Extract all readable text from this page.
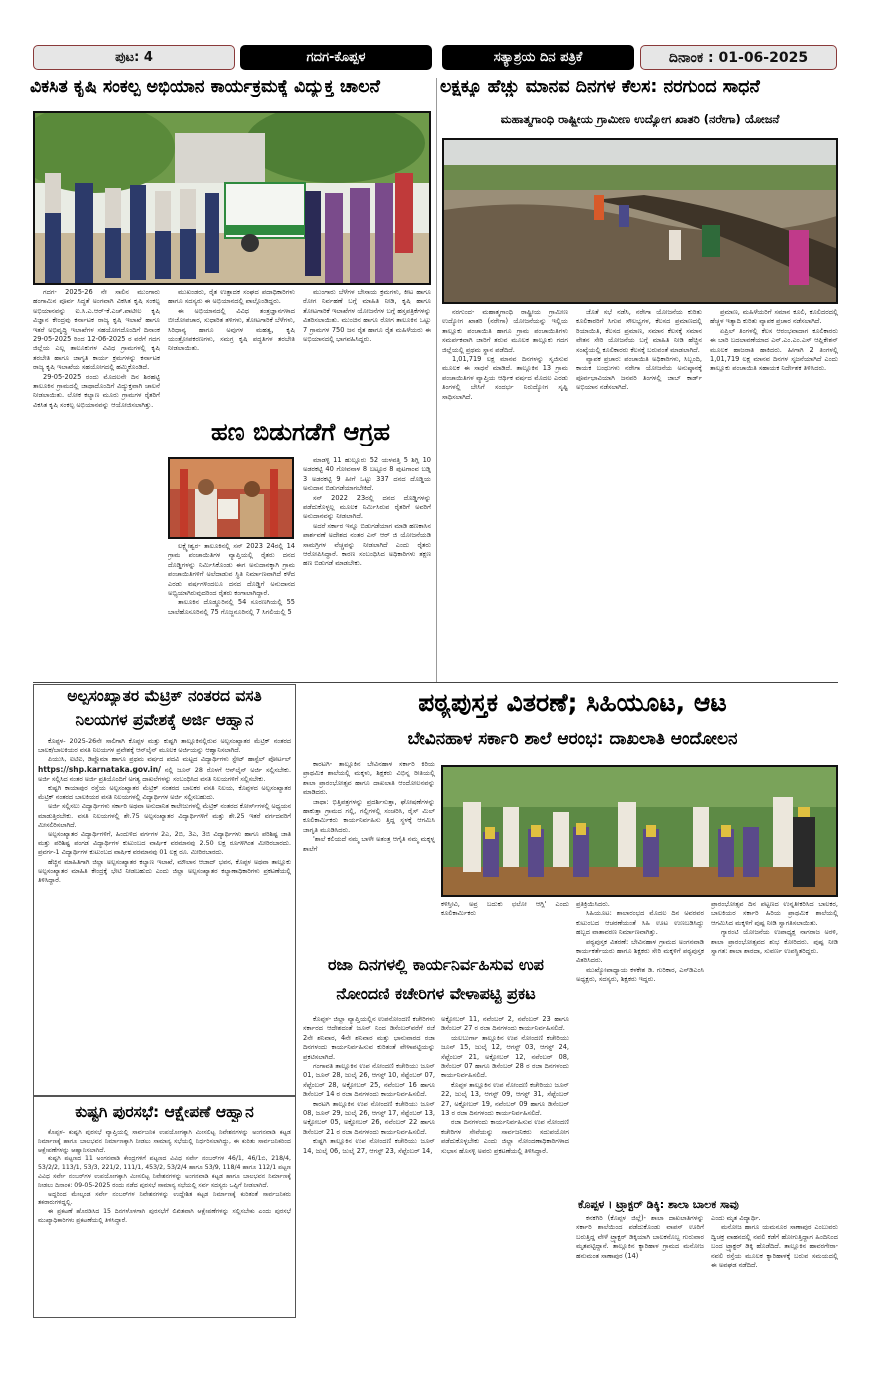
ಪುಟ: 4	ಗದಗ-ಕೊಪ್ಪಳ	ಸತ್ಯಾಶ್ರಯ ದಿನ ಪತ್ರಿಕೆ	ದಿನಾಂಕ : 01-06-2025
ವಿಕಸಿತ ಕೃಷಿ ಸಂಕಲ್ಪ ಅಭಿಯಾನ ಕಾರ್ಯಕ್ರಮಕ್ಕೆ ವಿದ್ಯುಕ್ತ ಚಾಲನೆ

ಗದಗ- 2025-26 ನೇ ಸಾಲಿನ ಮುಂಗಾರು ಹಂಗಾಮಿನ ಪೂರ್ವ ಸಿದ್ಧತೆ ಅಂಗವಾಗಿ ವಿಕಸಿತ ಕೃಷಿ ಸಂಕಲ್ಪ ಅಭಿಯಾನವನ್ನು ಐ.ಸಿ.ಎ.ಆರ್-ಕೆ.ಎಚ್.ಪಾಟೀಲ ಕೃಷಿ ವಿಜ್ಞಾನ ಕೇಂದ್ರವು ಕರ್ನಾಟಕ ರಾಜ್ಯ ಕೃಷಿ ಇಲಾಖೆ ಹಾಗೂ ಇತರೆ ಅಭಿವೃದ್ಧಿ ಇಲಾಖೆಗಳ ಸಹಯೋಗದೊಂದಿಗೆ ದಿನಾಂಕ 29-05-2025 ರಿಂದ 12-06-2025 ರ ವರೆಗೆ ಗದಗ ಜಿಲ್ಲೆಯ ಎಲ್ಲ ತಾಲೂಕುಗಳ ವಿವಿಧ ಗ್ರಾಮಗಳಲ್ಲಿ ಕೃಷಿ ತರಬೇತಿ ಹಾಗೂ ಜಾಗೃತಿ ಕಾರ್ಯ ಕ್ರಮಗಳನ್ನು ಕರ್ನಾಟಕ ರಾಜ್ಯ ಕೃಷಿ ಇಲಾಖೆಯ ಸಹಯೋಗದಲ್ಲಿ ಹಮ್ಮಿಕೊಂಡಿದೆ.

29-05-2025 ರಂದು ಮೊದಲನೇ ದಿನ ಶಿರಹಟ್ಟಿ ತಾಲೂಕಿನ ಗ್ರಾಮದಲ್ಲಿ ಜಾಥಾದೊಂದಿಗೆ ವಿದ್ಯುಕ್ತವಾಗಿ ಚಾಲನೆ ನೀಡಲಾಯಿತು. ಲೋಕ ಕಲ್ಯಾಣ ಮೂರು ಗ್ರಾಮಗಳ ರೈತರಿಗೆ ವಿಕಸಿತ ಕೃಷಿ ಸಂಕಲ್ಪ ಅಭಿಯಾನವನ್ನು ಆಯೋಜಿಸಲಾಗಿತ್ತು.

ಮುಖಂಡರು, ರೈತ ಉತ್ಪಾದಕ ಸಂಘದ ಪದಾಧಿಕಾರಿಗಳು ಹಾಗೂ ಸದಸ್ಯರು ಈ ಅಭಿಯಾನದಲ್ಲಿ ಪಾಲ್ಗೊಂಡಿದ್ದರು.

ಈ ಅಭಿಯಾನದಲ್ಲಿ ವಿವಿಧ ತಂತ್ರಜ್ಞಾನಗಳಾದ ಬೀಜೋಪಚಾರ, ಸುಧಾರಿತ ತಳಿಗಳು, ತೋಟಗಾರಿಕೆ ಬೆಳೆಗಳು, ಸಿರಿಧಾನ್ಯ ಹಾಗೂ ಅವುಗಳ ಮಹತ್ವ, ಕೃಷಿ ಯಂತ್ರೋಪಕರಣಗಳು, ಸಮಗ್ರ ಕೃಷಿ ಪದ್ಧತಿಗಳ ತರಬೇತಿ ನೀಡಲಾಯಿತು.

ಮುಂಗಾರು ಬೆಳೆಗಳ ಬೇಸಾಯ ಕ್ರಮಗಳು, ಕೀಟ ಹಾಗೂ ರೋಗ ನಿರ್ವಹಣೆ ಬಗ್ಗೆ ಮಾಹಿತಿ ನೀಡಿ, ಕೃಷಿ ಹಾಗೂ ತೋಟಗಾರಿಕೆ ಇಲಾಖೆಗಳ ಯೋಜನೆಗಳ ಬಗ್ಗೆ ಹಸ್ತಪತ್ರಿಕೆಗಳನ್ನು ವಿತರಿಸಲಾಯಿತು. ಮುಂಚಿನ ಹಾಗೂ ರೋಗ ತಾಲೂಕಿನ ಒಟ್ಟು 7 ಗ್ರಾಮಗಳ 750 ಜನ ರೈತ ಹಾಗೂ ರೈತ ಮಹಿಳೆಯರು ಈ ಅಭಿಯಾನದಲ್ಲಿ ಭಾಗವಹಿಸಿದ್ದರು.

ಹಣ ಬಿಡುಗಡೆಗೆ ಆಗ್ರಹ

ಲಕ್ಷ್ಮೇಶ್ವರ- ತಾಲೂಕಿನಲ್ಲಿ ಸನ್ 2023 24ರಲ್ಲಿ 14 ಗ್ರಾಮ ಪಂಚಾಯಿತಿಗಳ ವ್ಯಾಪ್ತಿಯಲ್ಲಿ ರೈತರು ದನದ ದೊಡ್ಡಿಗಳನ್ನು ನಿರ್ಮಿಸಿಕೊಂಡು ಈಗ ಅನುದಾನಕ್ಕಾಗಿ ಗ್ರಾಮ ಪಂಚಾಯಿತಿಗಳಿಗೆ ಅಲೆದಾಡುವ ಸ್ಥಿತಿ ನಿರ್ಮಾಣವಾಗಿದೆ ಕಳೆದ ಎರಡು ವರ್ಷಗಳಿಂದಲೂ ದನದ ದೊಡ್ಡಿಗೆ ಅನುದಾನದ ಅಭ್ಯಿಯಾಗಿರುವುದರಿಂದ ರೈತರು ಕಂಗಾಲಾಗಿದ್ದಾರೆ.

ತಾಲೂಕಿನ ದೊಡ್ಡೂರಿನಲ್ಲಿ 54 ಸೂರಣಗಿಯಲ್ಲಿ 55 ಬಾಲೆಹೊಸೂರಿನಲ್ಲಿ 75 ಗೊಜ್ಜನೂರಿನಲ್ಲಿ 7 ಸಿಗಲಿಯಲ್ಲಿ 5

ಮಾಡಳ್ಳಿ 11 ಹುಲ್ಲೂರು 52 ಯಳವತ್ತಿ 5 ಶಿಗ್ಲಿ 10 ಅಡರಕಟ್ಟಿ 40 ಗೋವನಾಳ 8 ಬಟ್ಟೂರ 8 ಪುಟಗಾಂವ ಬಡ್ನಿ 3 ಅಡರಕಟ್ಟಿ 9 ಹೀಗೆ ಒಟ್ಟು 337 ದನದ ದೊಡ್ಡಿಯ ಅನುದಾನ ಬಿಡುಗಡೆಯಾಗಬೇಕಿದೆ.

ಸನ್ 2022 23ರಲ್ಲಿ ದನದ ದೊಡ್ಡಿಗಳನ್ನು ಪಡೆದುಕೊಳ್ಳಲ್ಲ ಮೂಲಕ ನಿರ್ಮಿಸಿರುವ ರೈತರಿಗೆ ಅವರಿಗೆ ಅನುದಾನವನ್ನು ನೀಡಲಾಗಿದೆ.

ಅದರೆ ಸರ್ಕಾರ ಇನ್ನೂ ಬಿಡುಗಡೆಯಾಗ ಮಾಡಿ ಹಣಕಾಸಿನ ಪಾರ್ಶವಣೆ ಅದೇಶದ ನಂತರ ಎನ್ ಆರ್ ಜಿ ಯೋಜನೆಯಡಿ ಸಾಮಗ್ರಿಗಳ ವೆಚ್ಚವನ್ನು ನೀಡಲಾಗಿದೆ ಎಂದು ರೈತರು ಆರೋಪಿಸಿದ್ದಾರೆ. ಕಾರಣ ಸಂಬಂಧಿಸಿದ ಅಧಿಕಾರಿಗಳು ತಕ್ಷಣ ಹಣ ಬಿಡುಗಡೆ ಮಾಡಬೇಕು.

ಲಕ್ಷಕ್ಕೂ ಹೆಚ್ಚು ಮಾನವ ದಿನಗಳ ಕೆಲಸ: ನರಗುಂದ ಸಾಧನೆ
ಮಹಾತ್ಮಗಾಂಧಿ ರಾಷ್ಟ್ರೀಯ ಗ್ರಾಮೀಣ ಉದ್ಯೋಗ ಖಾತರಿ (ನರೇಗಾ) ಯೋಜನೆ

ನರಗುಂದ- ಮಹಾತ್ಮಗಾಂಧಿ ರಾಷ್ಟ್ರೀಯ ಗ್ರಾಮೀಣ ಉದ್ಯೋಗ ಖಾತರಿ (ನರೇಗಾ) ಯೋಜನೆಯನ್ನು ಇಲ್ಲಿಯ ತಾಲ್ಲೂಕು ಪಂಚಾಯಿತಿ ಹಾಗೂ ಗ್ರಾಮ ಪಂಚಾಯಿತಿಗಳು ಸಮರ್ಪಕವಾಗಿ ಜಾರಿಗೆ ತರುವ ಮೂಲಕ ತಾಲ್ಲೂಕು ಗದಗ ಜಿಲ್ಲೆಯಲ್ಲಿ ಪ್ರಥಮ ಸ್ಥಾನ ಪಡೆದಿದೆ.

1,01,719 ಲಕ್ಷ ಮಾನವ ದಿನಗಳನ್ನು ಸೃಜಿಸುವ ಮೂಲಕ ಈ ಸಾಧನೆ ಮಾಡಿದೆ. ತಾಲ್ಲೂಕಿನ 13 ಗ್ರಾಮ ಪಂಚಾಯಿತಿಗಳ ವ್ಯಾಪ್ತಿಯ ಆರ್ಥಿಕ ವರ್ಷದ ಮೊದಲ ಎರಡು ತಿಂಗಳಲ್ಲಿ ಬೇಸಿಗೆ ಸಂದರ್ಭ ನಿರುದ್ಯೋಗ ಸೃಷ್ಟಿ ಸಾಧಿಸಲಾಗಿದೆ.

ಜೊತೆ ಸಭೆ ನಡೆಸಿ, ನರೇಗಾ ಯೋಜನೆಯ ಕುರಿತು ಕೂಲಿಕಾರರಿಗೆ ಸಿಗುವ ಸೌಲಭ್ಯಗಳ, ಕೆಲಸದ ಪ್ರಮಾಣದಲ್ಲಿ ರಿಯಾಯಿತಿ, ಕೆಲಸದ ಪ್ರಮಾಣ, ಸಮಾನ ಕೆಲಸಕ್ಕೆ ಸಮಾನ ವೇತನ ಸೇರಿ ಯೋಜನೆಯ ಬಗ್ಗೆ ಮಾಹಿತಿ ನೀಡಿ ಹೆಚ್ಚಿನ ಸಂಖ್ಯೆಯಲ್ಲಿ ಕೂಲಿಕಾರರು ಕೆಲಸಕ್ಕೆ ಬರುವಂತೆ ಮಾಡಲಾಗಿದೆ.

ವ್ಯಾಪಕ ಪ್ರಚಾರ: ಪಂಚಾಯಿತಿ ಅಧಿಕಾರಿಗಳು, ಸಿಬ್ಬಂದಿ, ಕಾಯಕ ಬಂಧುಗಳು ನರೇಗಾ ಯೋಜನೆಯ ಅನುಷ್ಠಾನಕ್ಕೆ ಪೂರ್ವಭಾವಿಯಾಗಿ ಜನವರಿ ತಿಂಗಳಲ್ಲಿ ಜಾಬ್ ಕಾರ್ಡ್ ಅಭಿಯಾನ ನಡೆಸಲಾಗಿದೆ.

ಪ್ರಮಾಣ, ಮಹಿಳೆಯರಿಗೆ ಸಮಾನ ಕೂಲಿ, ಕೂಲಿದರದಲ್ಲಿ ಹೆಚ್ಚಳ ಇತ್ಯಾದಿ ಕುರಿತು ವ್ಯಾಪಕ ಪ್ರಚಾರ ನಡೆಸಲಾಗಿದೆ.

ಏಪ್ರಿಲ್ ತಿಂಗಳಲ್ಲಿ ಕೆಲಸ ಆರಂಭವಾದಾಗ ಕೂಲಿಕಾರರು ಈ ಬಾರಿ ಬದಲಾವಣೆಯಾದ ಎನ್.ಎಂ.ಎಂ.ಎಸ್ ಆಪ್ಲಿಕೇಶನ್ ಮೂಲಕ ಹಾಜರಾತಿ ಹಾಕಿದರು. ಹೀಗಾಗಿ 2 ತಿಂಗಳಲ್ಲಿ 1,01,719 ಲಕ್ಷ ಮಾನವ ದಿನಗಳ ಸೃಜನೆಯಾಗಿದೆ ಎಂದು ತಾಲ್ಲೂಕು ಪಂಚಾಯಿತಿ ಸಹಾಯಕ ನಿರ್ದೇಶಕ ತಿಳಿಸಿದರು.

ಅಲ್ಪಸಂಖ್ಯಾತರ ಮೆಟ್ರಿಕ್ ನಂತರದ ವಸತಿ
ನಿಲಯಗಳ ಪ್ರವೇಶಕ್ಕೆ ಅರ್ಜಿ ಆಹ್ವಾನ

ಕೊಪ್ಪಳ- 2025-26ನೇ ಸಾಲಿಗಾಗಿ ಕೊಪ್ಪಳ ಮತ್ತು ಕುಷ್ಟಗಿ ತಾಲ್ಲೂಕಿನಲ್ಲಿರುವ ಅಲ್ಪಸಂಖ್ಯಾತರ ಮೆಟ್ರಿಕ್ ನಂತರದ ಬಾಲಕ/ಬಾಲಕಿಯರ ವಸತಿ ನಿಲಯಗಳ ಪ್ರವೇಶಕ್ಕೆ ಆನ್‌ಲೈನ್ ಮೂಲಕ ಅರ್ಜಿಯನ್ನು ಆಹ್ವಾನಿಸಲಾಗಿದೆ.

ಪಿಯುಸಿ, ಐಟಿಐ, ಡಿಪ್ಲೊಮಾ ಹಾಗೂ ಪ್ರಥಮ ವರ್ಷದ ಪದವಿ ಮಟ್ಟದ ವಿದ್ಯಾರ್ಥಿಗಳು ಸ್ಟೇಟ್ ಹಾಸ್ಟೆಲ್ ಪೋರ್ಟಲ್ https://shp.karnataka.gov.in/ ನಲ್ಲಿ ಜೂನ್ 28 ರೊಳಗೆ ಆನ್‌ಲೈನ್ ಅರ್ಜಿ ಸಲ್ಲಿಸಬೇಕು. ಅರ್ಜಿ ಸಲ್ಲಿಸಿದ ನಂತರ ಅರ್ಜಿ ಪ್ರತಿಯೊಂದಿಗೆ ಅಗತ್ಯ ದಾಖಲೆಗಳನ್ನು ಸಂಬಂಧಿಸಿದ ವಸತಿ ನಿಲಯಗಳಿಗೆ ಸಲ್ಲಿಸಬೇಕು.

ಕುಷ್ಟಗಿ ಕಾಯಾಪುರ ರಸ್ತೆಯ ಅಲ್ಪಸಂಖ್ಯಾತರ ಮೆಟ್ರಿಕ್ ನಂತರದ ಬಾಲಕರ ವಸತಿ ನಿಲಯ, ಕೊಪ್ಪಳದ ಅಲ್ಪಸಂಖ್ಯಾತರ ಮೆಟ್ರಿಕ್ ನಂತರದ ಬಾಲಕಿಯರ ವಸತಿ ನಿಲಯಗಳಲ್ಲಿ ವಿದ್ಯಾರ್ಥಿಗಳ ಅರ್ಜಿ ಸಲ್ಲಿಸಬಹುದು.

ಅರ್ಜಿ ಸಲ್ಲಿಸಲು ವಿದ್ಯಾರ್ಥಿಗಳು ಸರ್ಕಾರಿ ಅಥವಾ ಅನುದಾನಿತ ಕಾಲೇಜುಗಳಲ್ಲಿ ಮೆಟ್ರಿಕ್ ನಂತರದ ಕೋರ್ಸ್‌ಗಳಲ್ಲಿ ಅಧ್ಯಯನ ಮಾಡುತ್ತಿರಬೇಕು. ವಸತಿ ನಿಲಯಗಳಲ್ಲಿ ಶೇ.75 ಅಲ್ಪಸಂಖ್ಯಾತರ ವಿದ್ಯಾರ್ಥಿಗಳಿಗೆ ಮತ್ತು ಶೇ.25 ಇತರೆ ವರ್ಗದವರಿಗೆ ಮೀಸಲಿರಿಸಲಾಗಿದೆ.

ಅಲ್ಪಸಂಖ್ಯಾತರ ವಿದ್ಯಾರ್ಥಿಗಳಿಗೆ, ಹಿಂದುಳಿದ ವರ್ಗಗಳ 2ಎ, 2ಬಿ, 3ಎ, 3ಬಿ ವಿದ್ಯಾರ್ಥಿಗಳು ಹಾಗೂ ಪರಿಶಿಷ್ಟ ಜಾತಿ ಮತ್ತು ಪರಿಶಿಷ್ಟ ಪಂಗಡ ವಿದ್ಯಾರ್ಥಿಗಳ ಕುಟುಂಬದ ವಾರ್ಷಿಕ ವರಮಾನವು 2.50 ಲಕ್ಷ ರೂಗಳಿಗಿಂತ ಮೀರಿರಬಾರದು. ಪ್ರವರ್ಗ-1 ವಿದ್ಯಾರ್ಥಿಗಳ ಕುಟುಂಬದ ವಾರ್ಷಿಕ ವರಮಾನವು 01 ಲಕ್ಷ ರೂ. ಮೀರಿರಬಾರದು.

ಹೆಚ್ಚಿನ ಮಾಹಿತಿಗಾಗಿ ಜಿಲ್ಲಾ ಅಲ್ಪಸಂಖ್ಯಾತರ ಕಲ್ಯಾಣ ಇಲಾಖೆ, ಮೌಲಾನ ಆಜಾದ್ ಭವನ, ಕೊಪ್ಪಳ ಅಥವಾ ತಾಲ್ಲೂಕು ಅಲ್ಪಸಂಖ್ಯಾತರ ಮಾಹಿತಿ ಕೇಂದ್ರಕ್ಕೆ ಭೇಟಿ ನೀಡಬಹುದು ಎಂದು ಜಿಲ್ಲಾ ಅಲ್ಪಸಂಖ್ಯಾತರ ಕಲ್ಯಾಣಾಧಿಕಾರಿಗಳು ಪ್ರಕಟಣೆಯಲ್ಲಿ ತಿಳಿಸಿದ್ದಾರೆ.

ಕುಷ್ಟಗಿ ಪುರಸಭೆ: ಆಕ್ಷೇಪಣೆ ಆಹ್ವಾನ

ಕೊಪ್ಪಳ- ಕುಷ್ಟಗಿ ಪುರಸಭೆ ವ್ಯಾಪ್ತಿಯಲ್ಲಿ ಸಾರ್ವಜನಿಕ ಉಪಯೋಗಕ್ಕಾಗಿ ಮೀಸಲಿಟ್ಟ ನಿವೇಶನಗಳನ್ನು ಅಂಗನವಾಡಿ ಕಟ್ಟಡ ನಿರ್ಮಾಣಕ್ಕೆ ಹಾಗೂ ಬಾಲಭವನ ನಿರ್ಮಾಣಕ್ಕಾಗಿ ನೀಡಲು ಸಾಮಾನ್ಯ ಸಭೆಯಲ್ಲಿ ನಿರ್ಧರಿಸಲಾಗಿದ್ದು, ಈ ಕುರಿತು ಸಾರ್ವಜನಿಕರಿಂದ ಆಕ್ಷೇಪಣೆಗಳನ್ನು ಆಹ್ವಾನಿಸಲಾಗಿದೆ.

ಕುಷ್ಟಗಿ ಪಟ್ಟಣದ 11 ಅಂಗನವಾಡಿ ಕೇಂದ್ರಗಳಿಗೆ ಪಟ್ಟಣದ ವಿವಿಧ ಸರ್ವೇ ನಂಬರ್‌ಗಳ 46/1, 46/1ಬಿ, 218/4, 53/2/2, 113/1, 53/3, 221/2, 111/1, 453/2, 53/2/4 ಹಾಗೂ 53/9, 118/4 ಹಾಗೂ 112/1 ಪಟ್ಟಣ ವಿವಿಧ ಸರ್ವೇ ನಂಬರ್‌ಗಳ ಉಪಯೋಗಕ್ಕಾಗಿ ಮೀಸಲಿಟ್ಟ ನಿವೇಶನಗಳನ್ನು ಅಂಗನವಾಡಿ ಕಟ್ಟಡ ಹಾಗೂ ಬಾಲಭವನ ನಿರ್ಮಾಣಕ್ಕೆ ನೀಡಲು ದಿನಾಂಕ: 09-05-2025 ರಂದು ನಡೆದ ಪುರಸಭೆ ಸಾಮಾನ್ಯ ಸಭೆಯಲ್ಲಿ ಸರ್ವ ಸದಸ್ಯರು ಒಪ್ಪಿಗೆ ನೀಡಲಾಗಿದೆ.

ಅದ್ದರಿಂದ ಮೇಲ್ಕಂಡ ಸರ್ವೇ ನಂಬರ್‌ಗಳ ನಿವೇಶನಗಳನ್ನು ಉದ್ದೇಶಿತ ಕಟ್ಟಡ ನಿರ್ಮಾಣಕ್ಕೆ ಕುರಿತಂತೆ ಸಾರ್ವಜನಿಕರು ತಕರಾರುಗಳಿದ್ದಲ್ಲಿ.

ಈ ಪ್ರಕಟಣೆ ಹೊರಡಿಸಿದ 15 ದಿನಗಳೊಳಗಾಗಿ ಪುರಸಭೆಗೆ ಲಿಖಿತವಾಗಿ ಆಕ್ಷೇಪಣೆಗಳನ್ನು ಸಲ್ಲಿಸಬೇಕು ಎಂದು ಪುರಸಭೆ ಮುಖ್ಯಾಧಿಕಾರಿಗಳು ಪ್ರಕಟಣೆಯಲ್ಲಿ ತಿಳಿಸಿದ್ದಾರೆ.

ಪಠ್ಯಪುಸ್ತಕ ವಿತರಣೆ; ಸಿಹಿಯೂಟ, ಆಟ
ಬೇವಿನಹಾಳ ಸರ್ಕಾರಿ ಶಾಲೆ ಆರಂಭ: ದಾಖಲಾತಿ ಆಂದೋಲನ

ಕಾರಟಗಿ- ತಾಲ್ಲೂಕಿನ ಬೇವಿನಹಾಳ ಸರ್ಕಾರಿ ಕಿರಿಯ ಪ್ರಾಥಮಿಕ ಶಾಲೆಯಲ್ಲಿ ಮಕ್ಕಳು, ಶಿಕ್ಷಕರು ವಿಭಿನ್ನ ರೀತಿಯಲ್ಲಿ ಶಾಲಾ ಪ್ರಾರಂಭೋತ್ಸವ ಹಾಗೂ ದಾಖಲಾತಿ ಆಂದೋಲನವನ್ನು ಮಾಡಿದರು.

ಜಾಥಾ: ಭಿತ್ತಿಪತ್ರಗಳನ್ನು ಪ್ರದರ್ಶಿಸುತ್ತಾ, ಘೋಷಣೆಗಳನ್ನು ಹಾಕುತ್ತಾ ಗ್ರಾಮದ ಗಲ್ಲಿ, ಗಲ್ಲಿಗಳಲ್ಲಿ ಸಂಚರಿಸಿ, ರೈಸ್ ಮಿಲ್ ಕೂಲಿಕಾರ್ಮಿಕರು ಕಾರ್ಯನಿರ್ವಹಿಸು ತ್ತಿದ್ದ ಸ್ಥಳಕ್ಕೆ ಆಗಮಿಸಿ ಜಾಗೃತಿ ಮೂಡಿಸಿದರು.

'ಶಾಲೆ ಕಲಿಯದೆ ನಮ್ಮ ಬಾಳೇ ಅತಂತ್ರ ಆಗೈತಿ ನಮ್ಮ ಮಕ್ಕಳ್ನ ಶಾಲೆಗೆ

ಕಳಿಸ್ತೀವಿ, ಅವ್ರ ಬದುಕು ಛಲೋ ಆಗ್ಲಿ' ಎಂದು ಕೂಲಿಕಾರ್ಮಿಕರು

ಪ್ರತಿಕ್ರಿಯಿಸಿದರು.

ಸಿಹಿಯೂಟ: ಶಾಲಾರಂಭದ ಮೊದಲ ದಿನ ಅವರವರ ಕುಟುಂಬದ ಆಚರಣೆಯಂತೆ ಸಿಹಿ ಊಟ ಉಣಬಡಿಸಿದ್ದು ಹಬ್ಬದ ವಾತಾವರಣ ನಿರ್ಮಾಣವಾಗಿತ್ತು.

ಪಠ್ಯಪುಸ್ತಕ ವಿತರಣೆ: ಬೇವಿನಹಾಳ ಗ್ರಾಮದ ಅಂಗನವಾಡಿ ಕಾರ್ಯಕರ್ತೆಯರು ಹಾಗೂ ಶಿಕ್ಷಕರು ಸೇರಿ ಮಕ್ಕಳಿಗೆ ಪಠ್ಯಪುಸ್ತಕ ವಿತರಿಸಿದರು.

ಮುಖ್ಯೋಪಾಧ್ಯಾಯ ಕಳಕೇಶ ಡಿ. ಗುರಿಕಾರ, ಎಸ್‌ಡಿಎಂಸಿ ಅಧ್ಯಕ್ಷರು, ಸದಸ್ಯರು, ಶಿಕ್ಷಕರು ಇದ್ದರು.

ಪ್ರಾರಂಭೋತ್ಸವ ದಿನ ಪಟ್ಟಣದ ಉನ್ನತೀಕರಿಸಿದ ಬಾಲಕರ, ಬಾಲಕಿಯರ ಸರ್ಕಾರಿ ಹಿರಿಯ ಪ್ರಾಥಮಿಕ ಶಾಲೆಯಲ್ಲಿ ಆಗಮಿಸಿದ ಮಕ್ಕಳಿಗೆ ಪುಷ್ಪ ನೀಡಿ ಸ್ವಾಗತಿಸಲಾಯಿತು.

ಗ್ಯಾರಂಟಿ ಯೋಜನೆಯ ಉಪಾಧ್ಯಕ್ಷ ನಾಗರಾಜ ಅರಳಿ, ಶಾಲಾ ಪ್ರಾರಂಭೋತ್ಸವದ ಶುಭ ಕೋರಿದರು. ಪುಷ್ಪ ನೀಡಿ ಸ್ವಾಗತ: ಶಾಲಾ ಶಾರದಾ, ಸುವರ್ಣ ಉಪಸ್ಥಿತರಿದ್ದರು.

ರಜಾ ದಿನಗಳಲ್ಲಿ ಕಾರ್ಯನಿರ್ವಹಿಸುವ ಉಪ
ನೋಂದಣಿ ಕಚೇರಿಗಳ ವೇಳಾಪಟ್ಟಿ ಪ್ರಕಟ

ಕೊಪ್ಪಳ- ಜಿಲ್ಲಾ ವ್ಯಾಪ್ತಿಯಲ್ಲಿನ ಉಪನೋಂದಣಿ ಕಚೇರಿಗಳು ಸರ್ಕಾರದ ಆದೇಶದಂತೆ ಜೂನ್ ನಿಂದ ಡಿಸೆಂಬರ್‌ವರೆಗೆ ರಜೆ 2ನೇ ಶನಿವಾರ, 4ನೇ ಶನಿವಾರ ಮತ್ತು ಭಾನುವಾರದ ರಜಾ ದಿನಗಳಂದು ಕಾರ್ಯನಿರ್ವಹಿಸುವ ಕುರಿತಂತೆ ವೇಳಾಪಟ್ಟಿಯನ್ನು ಪ್ರಕಟಿಸಲಾಗಿದೆ.

ಗಂಗಾವತಿ ತಾಲ್ಲೂಕಿನ ಉಪ ನೋಂದಣಿ ಕಚೇರಿಯು ಜೂನ್ 01, ಜೂನ್ 28, ಜುಲೈ 26, ಆಗಸ್ಟ್ 10, ಸೆಪ್ಟೆಂಬರ್ 07, ಸೆಪ್ಟೆಂಬರ್ 28, ಅಕ್ಟೋಬರ್ 25, ನವೆಂಬರ್ 16 ಹಾಗೂ ಡಿಸೆಂಬರ್ 14 ರ ರಜಾ ದಿನಗಳಂದು ಕಾರ್ಯನಿರ್ವಹಿಸಲಿದೆ.

ಕಾರಟಗಿ ತಾಲ್ಲೂಕಿನ ಉಪ ನೋಂದಣಿ ಕಚೇರಿಯು ಜೂನ್ 08, ಜೂನ್ 29, ಜುಲೈ 26, ಆಗಸ್ಟ್ 17, ಸೆಪ್ಟೆಂಬರ್ 13, ಅಕ್ಟೋಬರ್ 05, ಅಕ್ಟೋಬರ್ 26, ನವೆಂಬರ್ 22 ಹಾಗೂ ಡಿಸೆಂಬರ್ 21 ರ ರಜಾ ದಿನಗಳಂದು ಕಾರ್ಯನಿರ್ವಹಿಸಲಿದೆ.

ಕುಷ್ಟಗಿ ತಾಲ್ಲೂಕಿನ ಉಪ ನೋಂದಣಿ ಕಚೇರಿಯು ಜೂನ್ 14, ಜುಲೈ 06, ಜುಲೈ 27, ಆಗಸ್ಟ್ 23, ಸೆಪ್ಟೆಂಬರ್ 14,

ಅಕ್ಟೋಬರ್ 11, ನವೆಂಬರ್ 2, ನವೆಂಬರ್ 23 ಹಾಗೂ ಡಿಸೆಂಬರ್ 27 ರ ರಜಾ ದಿನಗಳಂದು ಕಾರ್ಯನಿರ್ವಹಿಸಲಿದೆ.

ಯಲಬುರ್ಗಾ ತಾಲ್ಲೂಕಿನ ಉಪ ನೋಂದಣಿ ಕಚೇರಿಯು ಜೂನ್ 15, ಜುಲೈ 12, ಆಗಸ್ಟ್ 03, ಆಗಸ್ಟ್ 24, ಸೆಪ್ಟೆಂಬರ್ 21, ಅಕ್ಟೋಬರ್ 12, ನವೆಂಬರ್ 08, ಡಿಸೆಂಬರ್ 07 ಹಾಗೂ ಡಿಸೆಂಬರ್ 28 ರ ರಜಾ ದಿನಗಳಂದು ಕಾರ್ಯನಿರ್ವಹಿಸಲಿದೆ.

ಕೊಪ್ಪಳ ತಾಲ್ಲೂಕಿನ ಉಪ ನೋಂದಣಿ ಕಚೇರಿಯು ಜೂನ್ 22, ಜುಲೈ 13, ಆಗಸ್ಟ್ 09, ಆಗಸ್ಟ್ 31, ಸೆಪ್ಟೆಂಬರ್ 27, ಅಕ್ಟೋಬರ್ 19, ನವೆಂಬರ್ 09 ಹಾಗೂ ಡಿಸೆಂಬರ್ 13 ರ ರಜಾ ದಿನಗಳಂದು ಕಾರ್ಯನಿರ್ವಹಿಸಲಿದೆ.

ರಜಾ ದಿನಗಳಂದು ಕಾರ್ಯನಿರ್ವಹಿಸುವ ಉಪ ನೋಂದಣಿ ಕಚೇರಿಗಳ ಸೇವೆಯನ್ನು ಸಾರ್ವಜನಿಕರು ಸದುಪಯೋಗ ಪಡೆದುಕೊಳ್ಳಬೇಕು ಎಂದು ಜಿಲ್ಲಾ ನೋಂದಣಾಧಿಕಾರಿಗಳಾದ ಸುಭಾಸ ಹೊಸಳ್ಳಿ ಅವರು ಪ್ರಕಟಣೆಯಲ್ಲಿ ತಿಳಿಸಿದ್ದಾರೆ.

ಕೊಪ್ಪಳ । ಟ್ರ್ಯಾಕ್ಟರ್ ಡಿಕ್ಕಿ: ಶಾಲಾ ಬಾಲಕ ಸಾವು

ಕನಕಗಿರಿ (ಕೊಪ್ಪಳ ಜಿಲ್ಲೆ)- ಶಾಲಾ ದಾಖಲಾತಿಗಳನ್ನು ಸರ್ಕಾರಿ ಶಾಲೆಯಿಂದ ಪಡೆದುಕೊಂಡು ವಾಪಸ್ ಊರಿಗೆ ಬರುತ್ತಿದ್ದ ವೇಳೆ ಟ್ರ್ಯಾಕ್ಟರ್ ಡಿಕ್ಕಿಯಾಗಿ ಬಾಲಕನೊಬ್ಬ ಗುರುವಾರ ಮೃತಪಟ್ಟಿದ್ದಾನೆ. ತಾಲ್ಲೂಕಿನ ಕ್ಯಾರಿಹಾಳ ಗ್ರಾಮದ ಮನೋಜ ಹನುಮಂತ ಸಾಣಾಪುರ (14)

ಎಂದು ಮೃತ ವಿದ್ಯಾರ್ಥಿ.

ಮನೋಜ ಹಾಗೂ ಯಮನೂರ ಸಾಣಾಪುರ ಎಂಬುವರು ದ್ವಿಚಕ್ರ ವಾಹನದಲ್ಲಿ ನವಲಿ ಕಡೆಗೆ ಹೋಗುತ್ತಿದ್ದಾಗ ಹಿಂದಿನಿಂದ ಬಂದ ಟ್ರ್ಯಾಕ್ಟರ್ ಡಿಕ್ಕಿ ಹೊಡೆದಿದೆ. ತಾಲ್ಲೂಕಿನ ಹಾವರಗೇರಾ- ನವಲಿ ರಸ್ತೆಯ ಮೂಲಕ ಕ್ಯಾರಿಹಾಳಕ್ಕೆ ಬರುವ ಸಮಯದಲ್ಲಿ ಈ ಅವಘಡ ನಡೆದಿದೆ.
